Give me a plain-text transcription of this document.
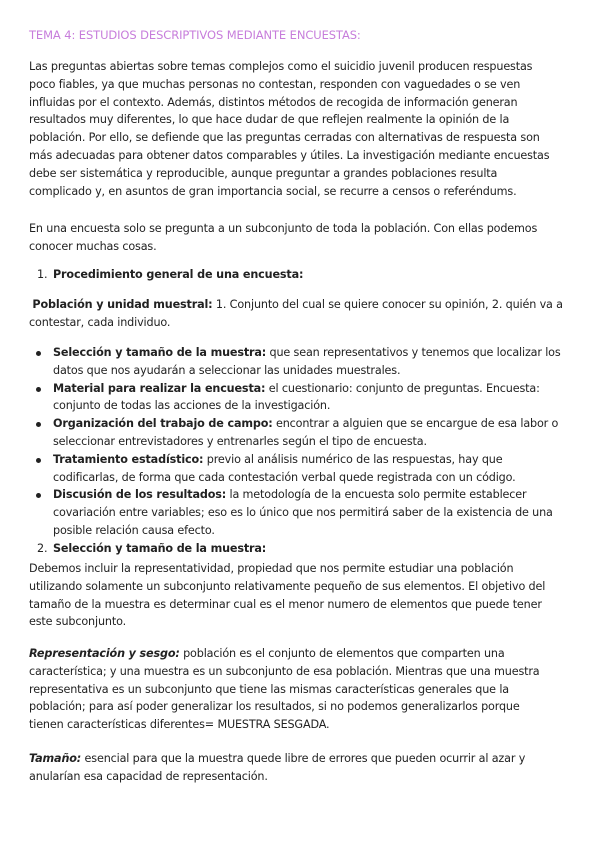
TEMA 4: ESTUDIOS DESCRIPTIVOS MEDIANTE ENCUESTAS:
Las preguntas abiertas sobre temas complejos como el suicidio juvenil producen respuestas
poco fiables, ya que muchas personas no contestan, responden con vaguedades o se ven
influidas por el contexto. Además, distintos métodos de recogida de información generan
resultados muy diferentes, lo que hace dudar de que reflejen realmente la opinión de la
población. Por ello, se defiende que las preguntas cerradas con alternativas de respuesta son
más adecuadas para obtener datos comparables y útiles. La investigación mediante encuestas
debe ser sistemática y reproducible, aunque preguntar a grandes poblaciones resulta
complicado y, en asuntos de gran importancia social, se recurre a censos o referéndums.
En una encuesta solo se pregunta a un subconjunto de toda la población. Con ellas podemos
conocer muchas cosas.
1. Procedimiento general de una encuesta:
Población y unidad muestral: 1. Conjunto del cual se quiere conocer su opinión, 2. quién va a
contestar, cada individuo.
Selección y tamaño de la muestra: que sean representativos y tenemos que localizar los
datos que nos ayudarán a seleccionar las unidades muestrales.
Material para realizar la encuesta: el cuestionario: conjunto de preguntas. Encuesta:
conjunto de todas las acciones de la investigación.
Organización del trabajo de campo: encontrar a alguien que se encargue de esa labor o
seleccionar entrevistadores y entrenarles según el tipo de encuesta.
Tratamiento estadístico: previo al análisis numérico de las respuestas, hay que
codificarlas, de forma que cada contestación verbal quede registrada con un código.
Discusión de los resultados: la metodología de la encuesta solo permite establecer
covariación entre variables; eso es lo único que nos permitirá saber de la existencia de una
posible relación causa efecto.
2. Selección y tamaño de la muestra:
Debemos incluir la representatividad, propiedad que nos permite estudiar una población
utilizando solamente un subconjunto relativamente pequeño de sus elementos. El objetivo del
tamaño de la muestra es determinar cual es el menor numero de elementos que puede tener
este subconjunto.
Representación y sesgo: población es el conjunto de elementos que comparten una
característica; y una muestra es un subconjunto de esa población. Mientras que una muestra
representativa es un subconjunto que tiene las mismas características generales que la
población; para así poder generalizar los resultados, si no podemos generalizarlos porque
tienen características diferentes= MUESTRA SESGADA.
Tamaño: esencial para que la muestra quede libre de errores que pueden ocurrir al azar y
anularían esa capacidad de representación.
